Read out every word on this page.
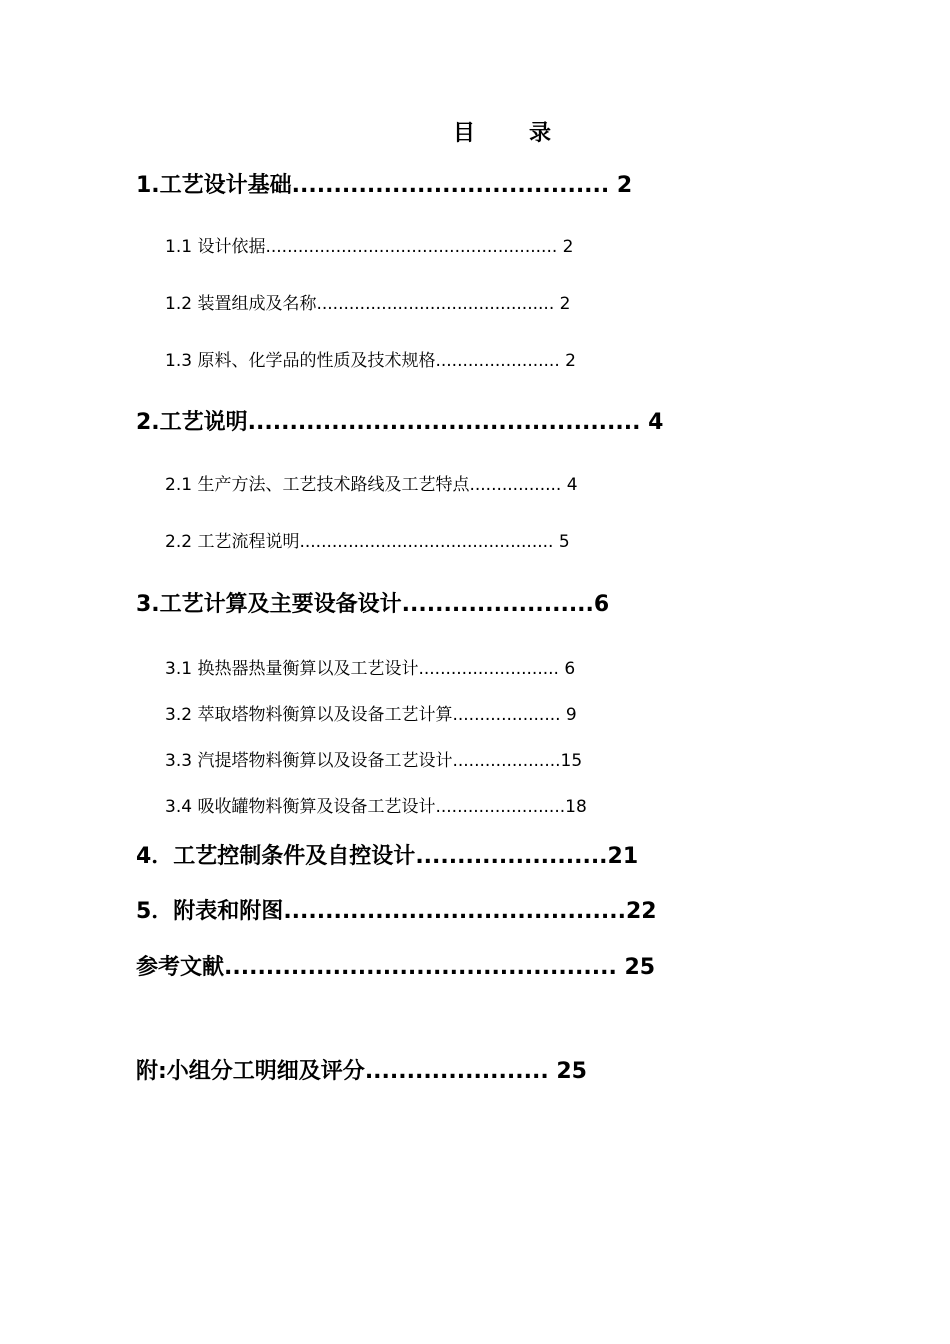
目　录
1.工艺设计基础...................................... 2
1.1 设计依据...................................................... 2
1.2 装置组成及名称............................................ 2
1.3 原料、化学品的性质及技术规格....................... 2
2.工艺说明............................................... 4
2.1 生产方法、工艺技术路线及工艺特点................. 4
2.2 工艺流程说明............................................... 5
3.工艺计算及主要设备设计.......................6
3.1 换热器热量衡算以及工艺设计.......................... 6
3.2 萃取塔物料衡算以及设备工艺计算.................... 9
3.3 汽提塔物料衡算以及设备工艺设计....................15
3.4 吸收罐物料衡算及设备工艺设计........................18
4．工艺控制条件及自控设计.......................21
5．附表和附图.........................................22
参考文献............................................... 25
附:小组分工明细及评分...................... 25
